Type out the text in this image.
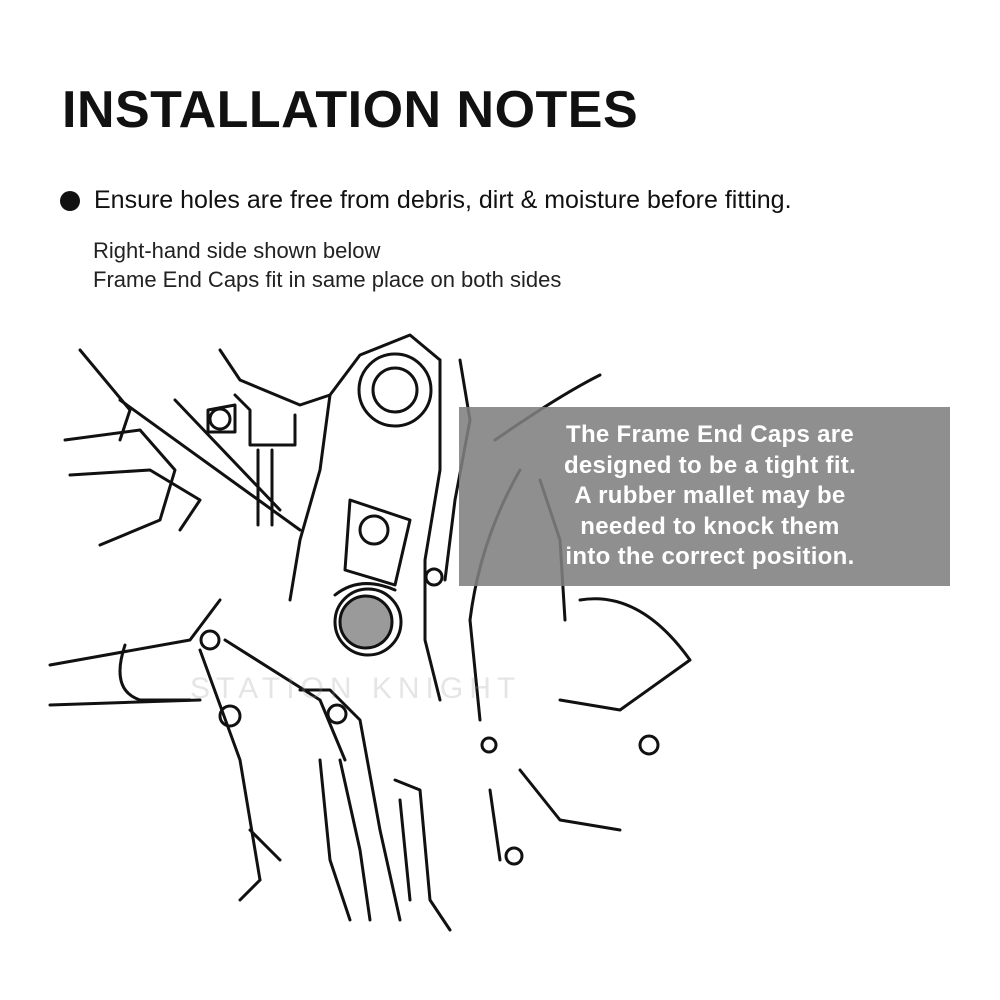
INSTALLATION NOTES
Ensure holes are free from debris, dirt & moisture before fitting.
Right-hand side shown below
Frame End Caps fit in same place on both sides
STATION KNIGHT
The Frame End Caps are
designed to be a tight fit.
A rubber mallet may be
needed to knock them
into the correct position.
